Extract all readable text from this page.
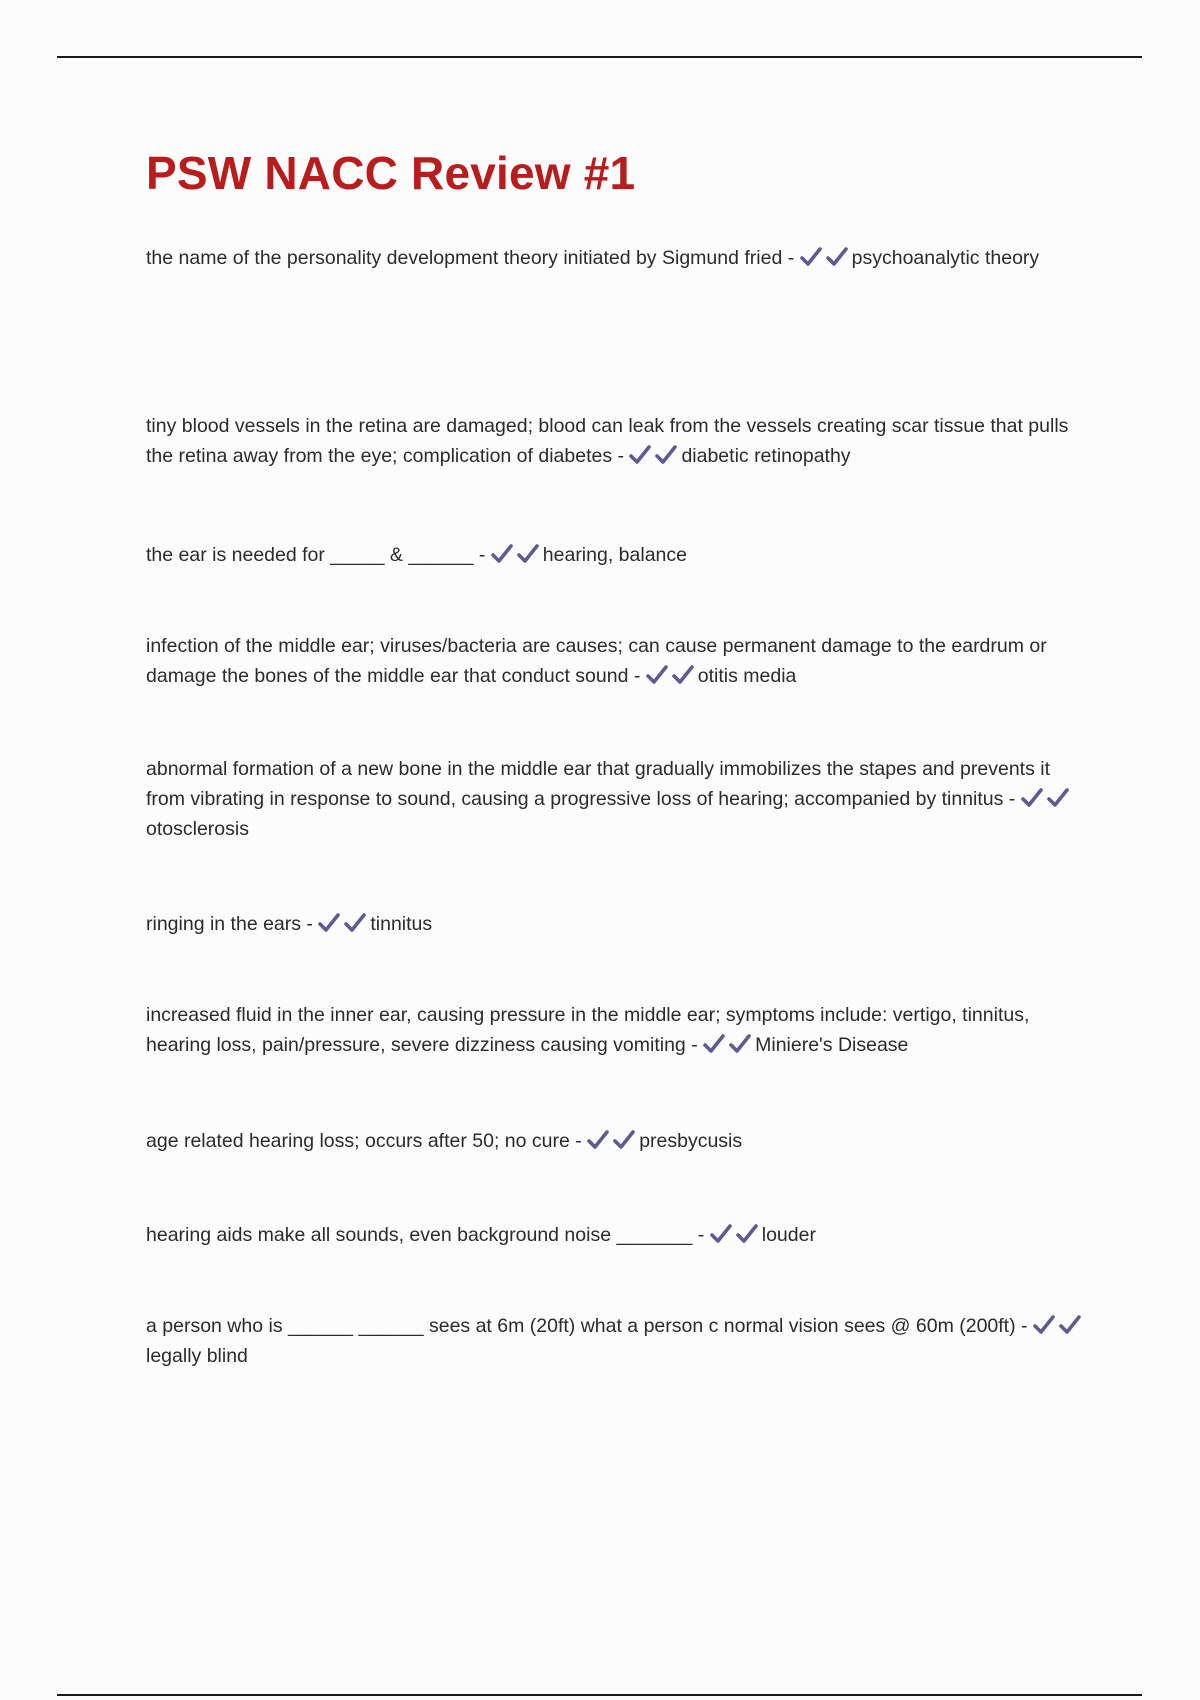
PSW NACC Review #1

the name of the personality development theory initiated by Sigmund fried -	psychoanalytic theory

tiny blood vessels in the retina are damaged; blood can leak from the vessels creating scar tissue that pulls the retina away from the eye; complication of diabetes -	diabetic retinopathy

the ear is needed for _____ & ______ -	hearing, balance

infection of the middle ear; viruses/bacteria are causes; can cause permanent damage to the eardrum or damage the bones of the middle ear that conduct sound -	otitis media

abnormal formation of a new bone in the middle ear that gradually immobilizes the stapes and prevents it from vibrating in response to sound, causing a progressive loss of hearing; accompanied by tinnitus -
otosclerosis

ringing in the ears -	tinnitus

increased fluid in the inner ear, causing pressure in the middle ear; symptoms include: vertigo, tinnitus, hearing loss, pain/pressure, severe dizziness causing vomiting -	Miniere's Disease

age related hearing loss; occurs after 50; no cure -	presbycusis

hearing aids make all sounds, even background noise _______ -	louder

a person who is ______ ______ sees at 6m (20ft) what a person c normal vision sees @ 60m (200ft) -
legally blind
